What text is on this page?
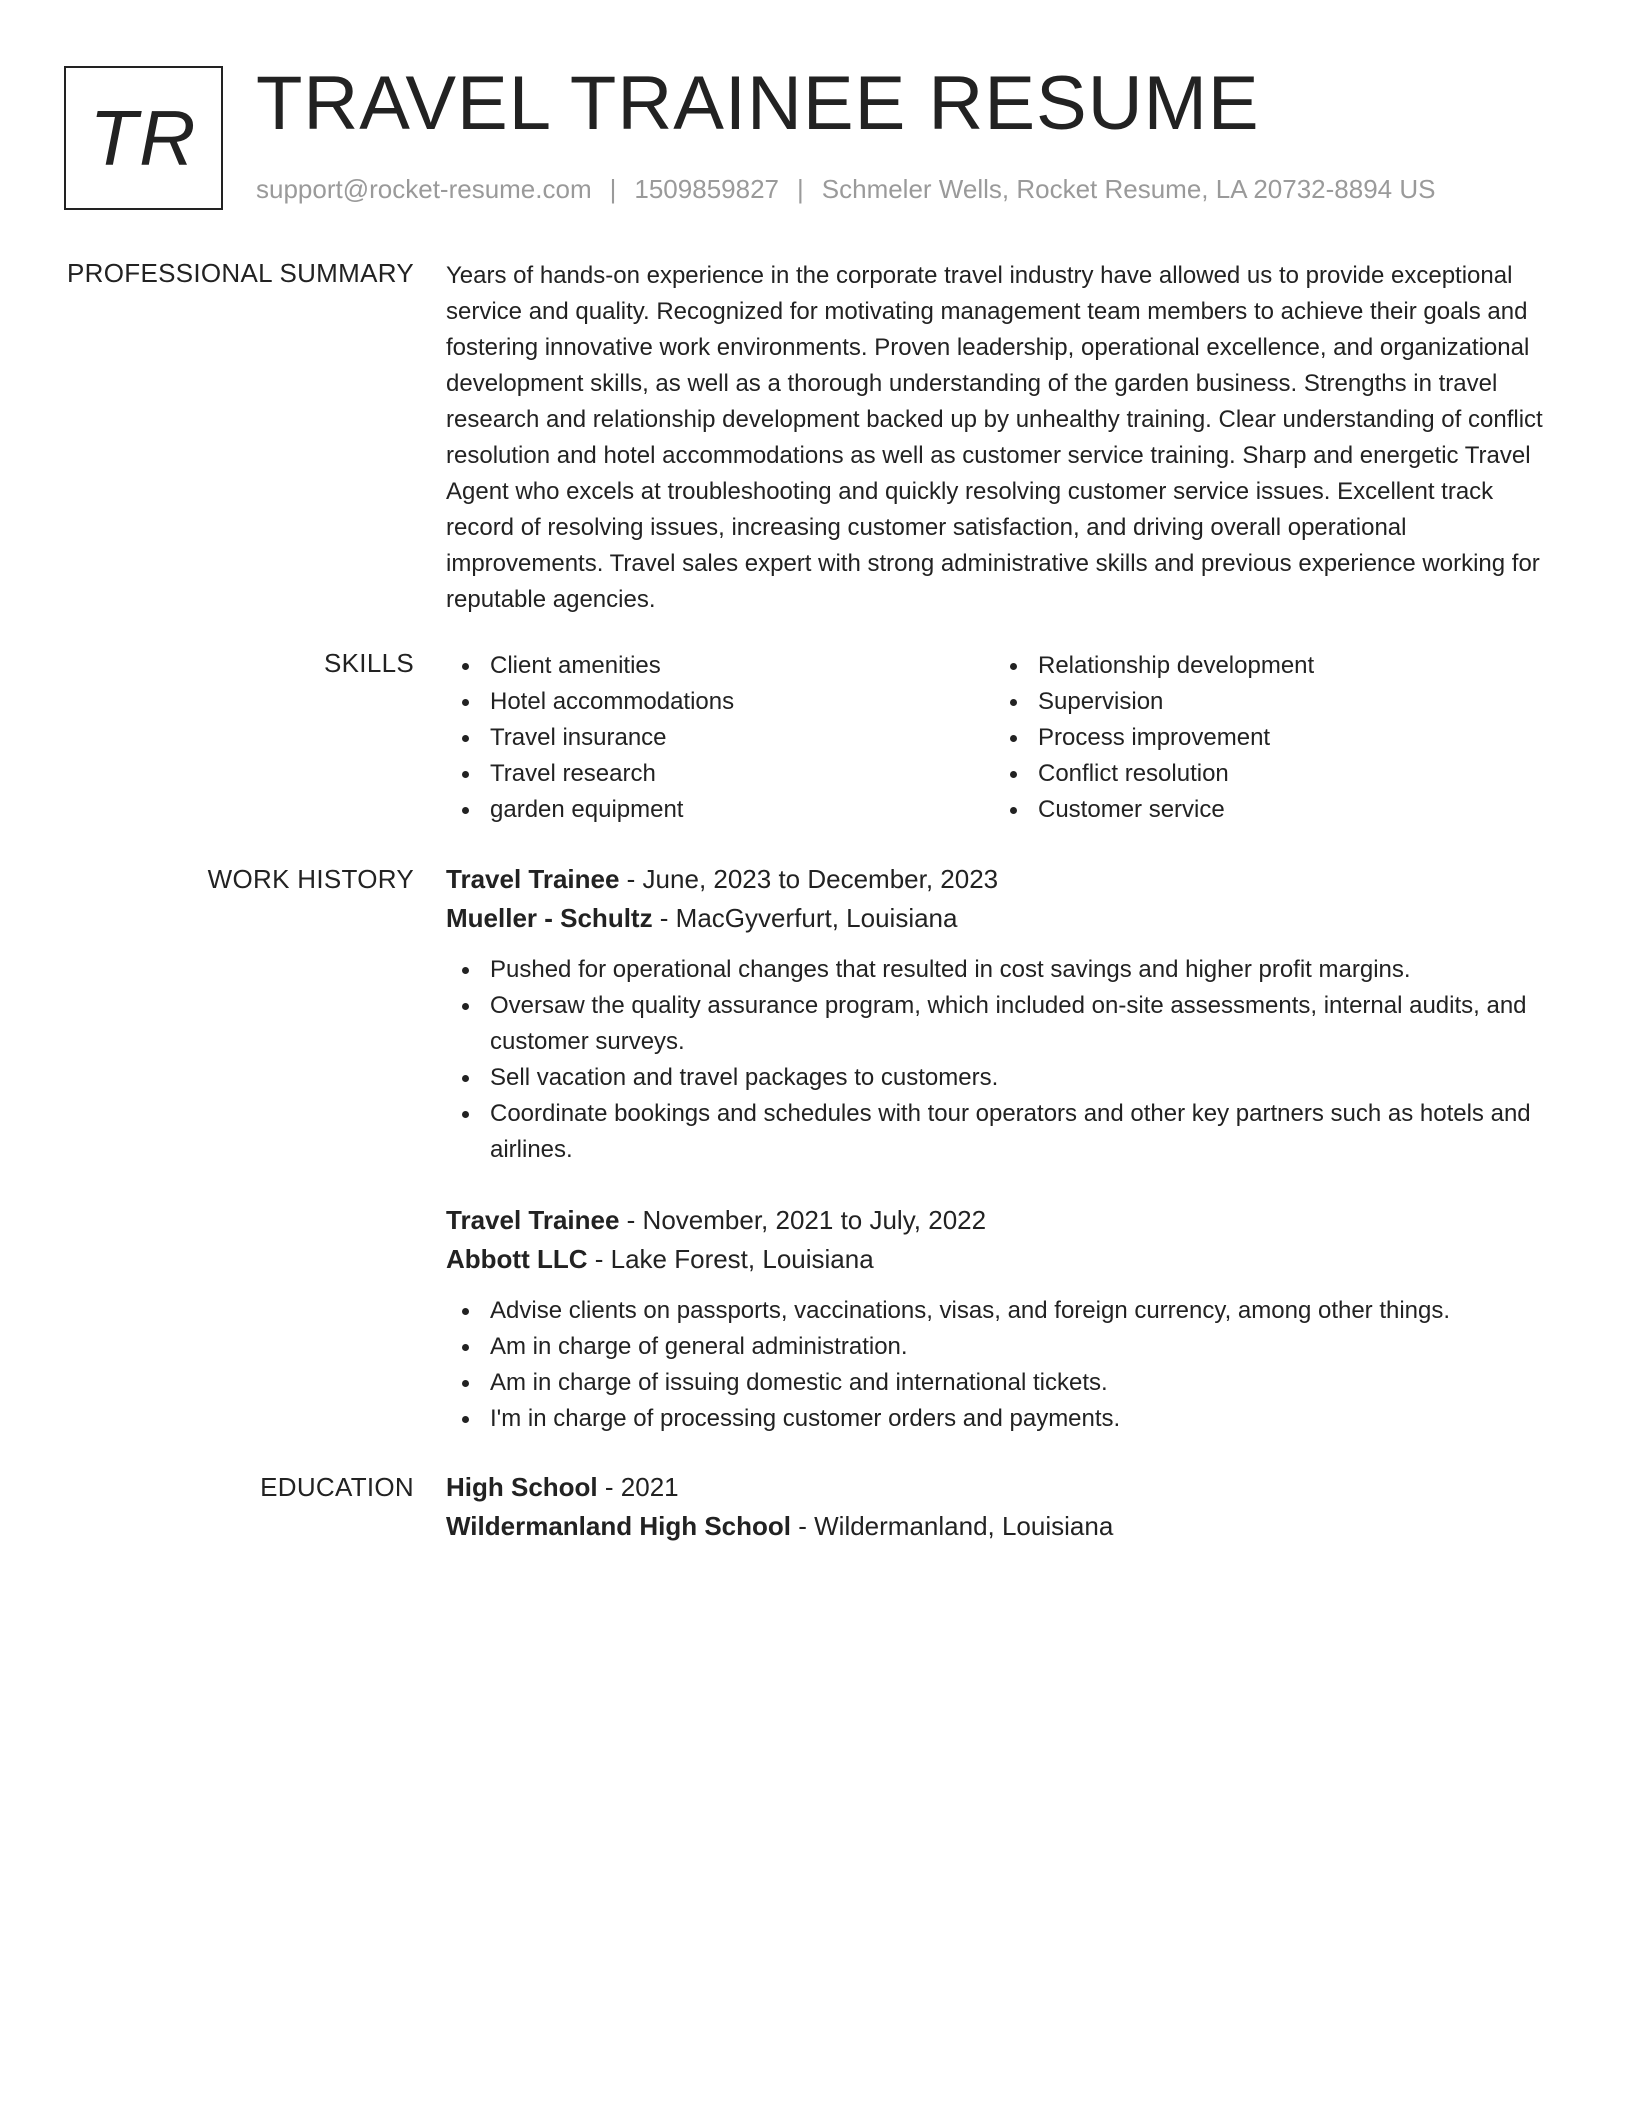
TR TRAVEL TRAINEE RESUME
support@rocket-resume.com | 1509859827 | Schmeler Wells, Rocket Resume, LA 20732-8894 US
PROFESSIONAL SUMMARY Years of hands-on experience in the corporate travel industry have allowed us to provide exceptional service and quality. Recognized for motivating management team members to achieve their goals and fostering innovative work environments. Proven leadership, operational excellence, and organizational development skills, as well as a thorough understanding of the garden business. Strengths in travel research and relationship development backed up by unhealthy training. Clear understanding of conflict resolution and hotel accommodations as well as customer service training. Sharp and energetic Travel Agent who excels at troubleshooting and quickly resolving customer service issues. Excellent track record of resolving issues, increasing customer satisfaction, and driving overall operational improvements. Travel sales expert with strong administrative skills and previous experience working for reputable agencies.

SKILLS	Client amenities
Hotel accommodations
Travel insurance
Travel research
garden equipment
Relationship development
Supervision
Process improvement
Conflict resolution
Customer service
WORK HISTORY Travel Trainee - June, 2023 to December, 2023
Mueller - Schultz - MacGyverfurt, Louisiana
Pushed for operational changes that resulted in cost savings and higher profit margins.
Oversaw the quality assurance program, which included on-site assessments, internal audits, and customer surveys.
Sell vacation and travel packages to customers.
Coordinate bookings and schedules with tour operators and other key partners such as hotels and airlines.
Travel Trainee - November, 2021 to July, 2022
Abbott LLC - Lake Forest, Louisiana
Advise clients on passports, vaccinations, visas, and foreign currency, among other things.
Am in charge of general administration.
Am in charge of issuing domestic and international tickets.
I'm in charge of processing customer orders and payments.
EDUCATION High School - 2021
Wildermanland High School - Wildermanland, Louisiana
